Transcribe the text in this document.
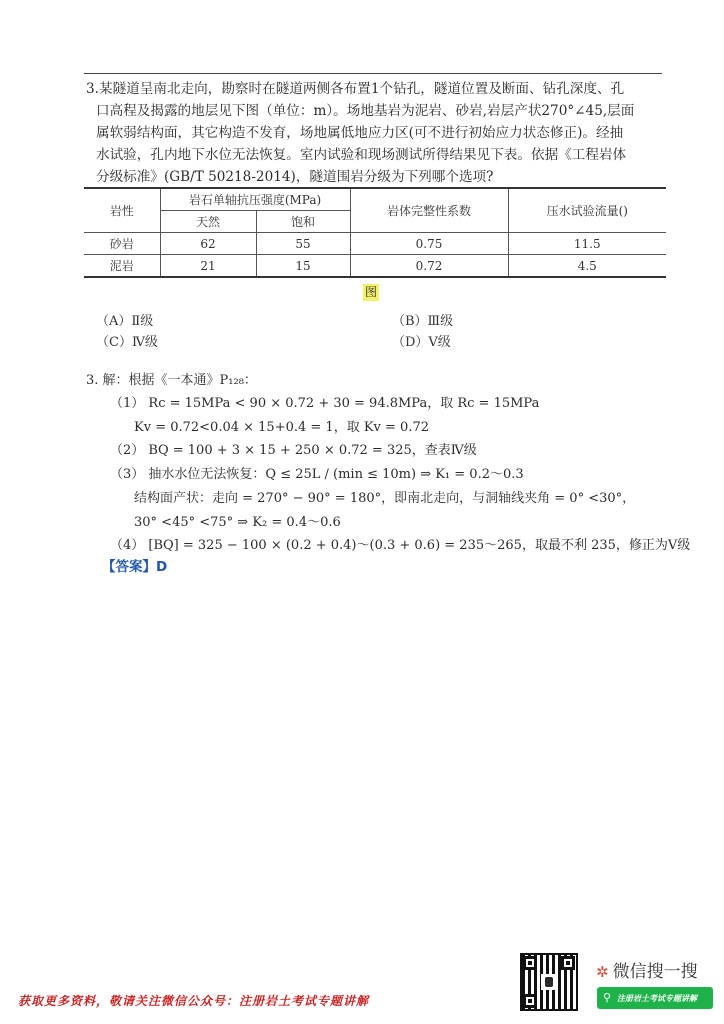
3.某隧道呈南北走向，勘察时在隧道两侧各布置1个钻孔，隧道位置及断面、钻孔深度、孔

口高程及揭露的地层见下图（单位：m）。场地基岩为泥岩、砂岩,岩层产状270°∠45,层面

属软弱结构面，其它构造不发育，场地属低地应力区(可不进行初始应力状态修正)。经抽

水试验，孔内地下水位无法恢复。室内试验和现场测试所得结果见下表。依据《工程岩体

分级标准》(GB/T 50218-2014)，隧道围岩分级为下列哪个选项?

岩性	岩石单轴抗压强度(MPa)		岩体完整性系数	压水试验流量()
	天然	饱和		
砂岩	62	55	0.75	11.5
泥岩	21	15	0.72	4.5
图
（A）Ⅱ级	（B）Ⅲ级
（C）Ⅳ级	（D）Ⅴ级
3. 解：根据《一本通》P₁₂₈：
（1） Rc = 15MPa < 90 × 0.72 + 30 = 94.8MPa，取 Rc = 15MPa
Kv = 0.72<0.04 × 15+0.4 = 1，取 Kv = 0.72
（2） BQ = 100 + 3 × 15 + 250 × 0.72 = 325，查表Ⅳ级
（3） 抽水水位无法恢复：Q ≤ 25L / (min ≤ 10m) ⇒ K₁ = 0.2～0.3
结构面产状：走向 = 270° − 90° = 180°，即南北走向，与洞轴线夹角 = 0° <30°，
30° <45° <75° ⇒ K₂ = 0.4～0.6
（4） [BQ] = 325 − 100 × (0.2 + 0.4)～(0.3 + 0.6) = 235～265，取最不利 235，修正为Ⅴ级
【答案】D
获取更多资料，敬请关注微信公众号：注册岩土考试专题讲解
✲ 微信搜一搜
⚲ 注册岩土考试专题讲解
